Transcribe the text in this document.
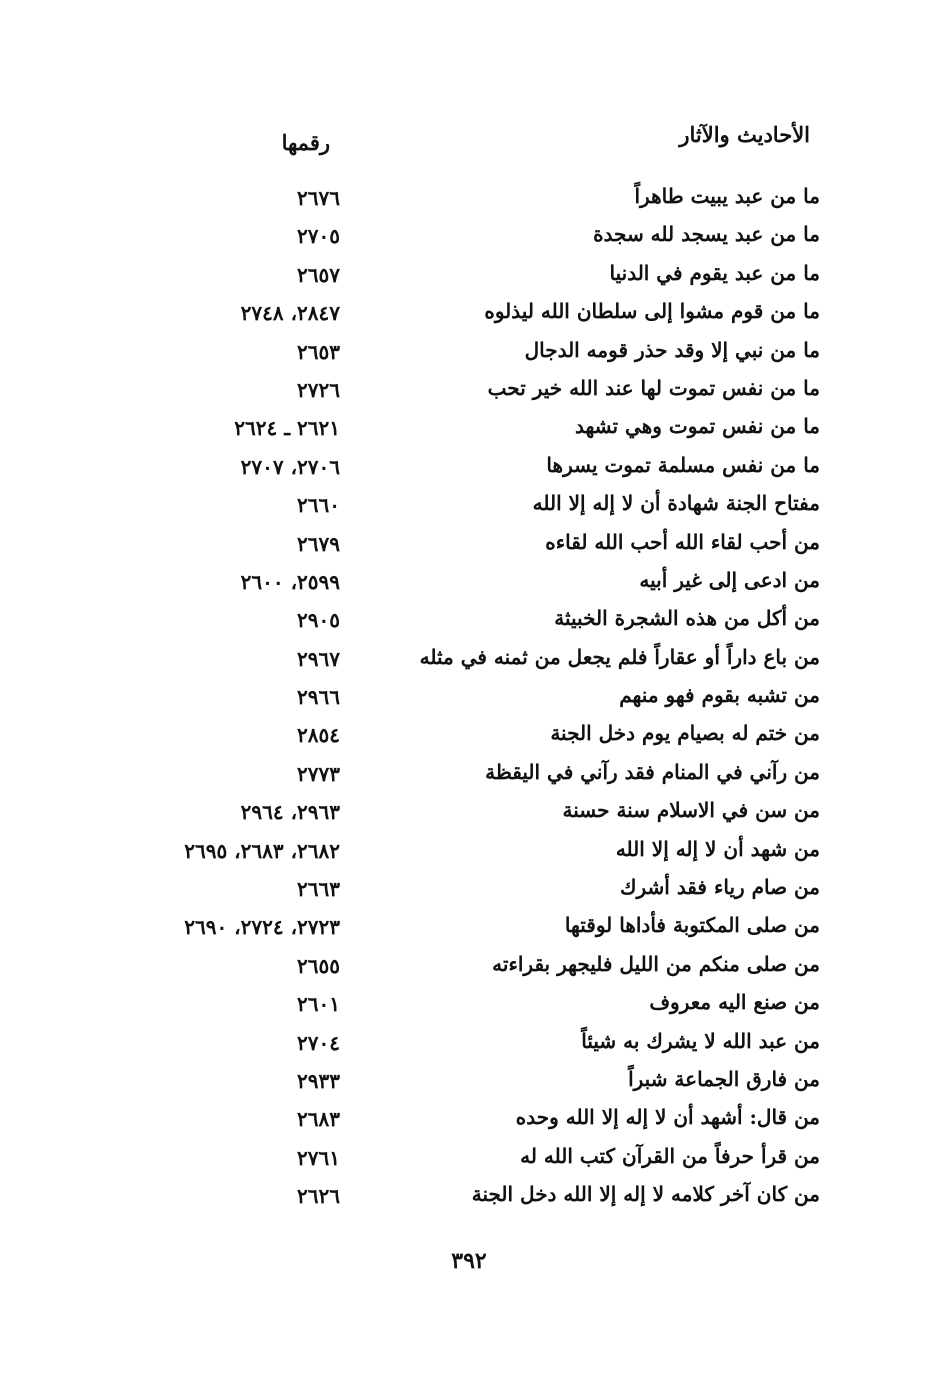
الأحاديث والآثار
رقمها
ما من عبد يبيت طاهراً
٢٦٧٦
ما من عبد يسجد لله سجدة
٢٧٠٥
ما من عبد يقوم في الدنيا
٢٦٥٧
ما من قوم مشوا إلى سلطان الله ليذلوه
٢٨٤٧، ٢٧٤٨
ما من نبي إلا وقد حذر قومه الدجال
٢٦٥٣
ما من نفس تموت لها عند الله خير تحب
٢٧٢٦
ما من نفس تموت وهي تشهد
٢٦٢١ ـ ٢٦٢٤
ما من نفس مسلمة تموت يسرها
٢٧٠٦، ٢٧٠٧
مفتاح الجنة شهادة أن لا إله إلا الله
٢٦٦٠
من أحب لقاء الله أحب الله لقاءه
٢٦٧٩
من ادعى إلى غير أبيه
٢٥٩٩، ٢٦٠٠
من أكل من هذه الشجرة الخبيثة
٢٩٠٥
من باع داراً أو عقاراً فلم يجعل من ثمنه في مثله
٢٩٦٧
من تشبه بقوم فهو منهم
٢٩٦٦
من ختم له بصيام يوم دخل الجنة
٢٨٥٤
من رآني في المنام فقد رآني في اليقظة
٢٧٧٣
من سن في الاسلام سنة حسنة
٢٩٦٣، ٢٩٦٤
من شهد أن لا إله إلا الله
٢٦٨٢، ٢٦٨٣، ٢٦٩٥
من صام رياء فقد أشرك
٢٦٦٣
من صلى المكتوبة فأداها لوقتها
٢٧٢٣، ٢٧٢٤، ٢٦٩٠
من صلى منكم من الليل فليجهر بقراءته
٢٦٥٥
من صنع اليه معروف
٢٦٠١
من عبد الله لا يشرك به شيئاً
٢٧٠٤
من فارق الجماعة شبراً
٢٩٣٣
من قال: أشهد أن لا إله إلا الله وحده
٢٦٨٣
من قرأ حرفاً من القرآن كتب الله له
٢٧٦١
من كان آخر كلامه لا إله إلا الله دخل الجنة
٢٦٢٦
٣٩٢
